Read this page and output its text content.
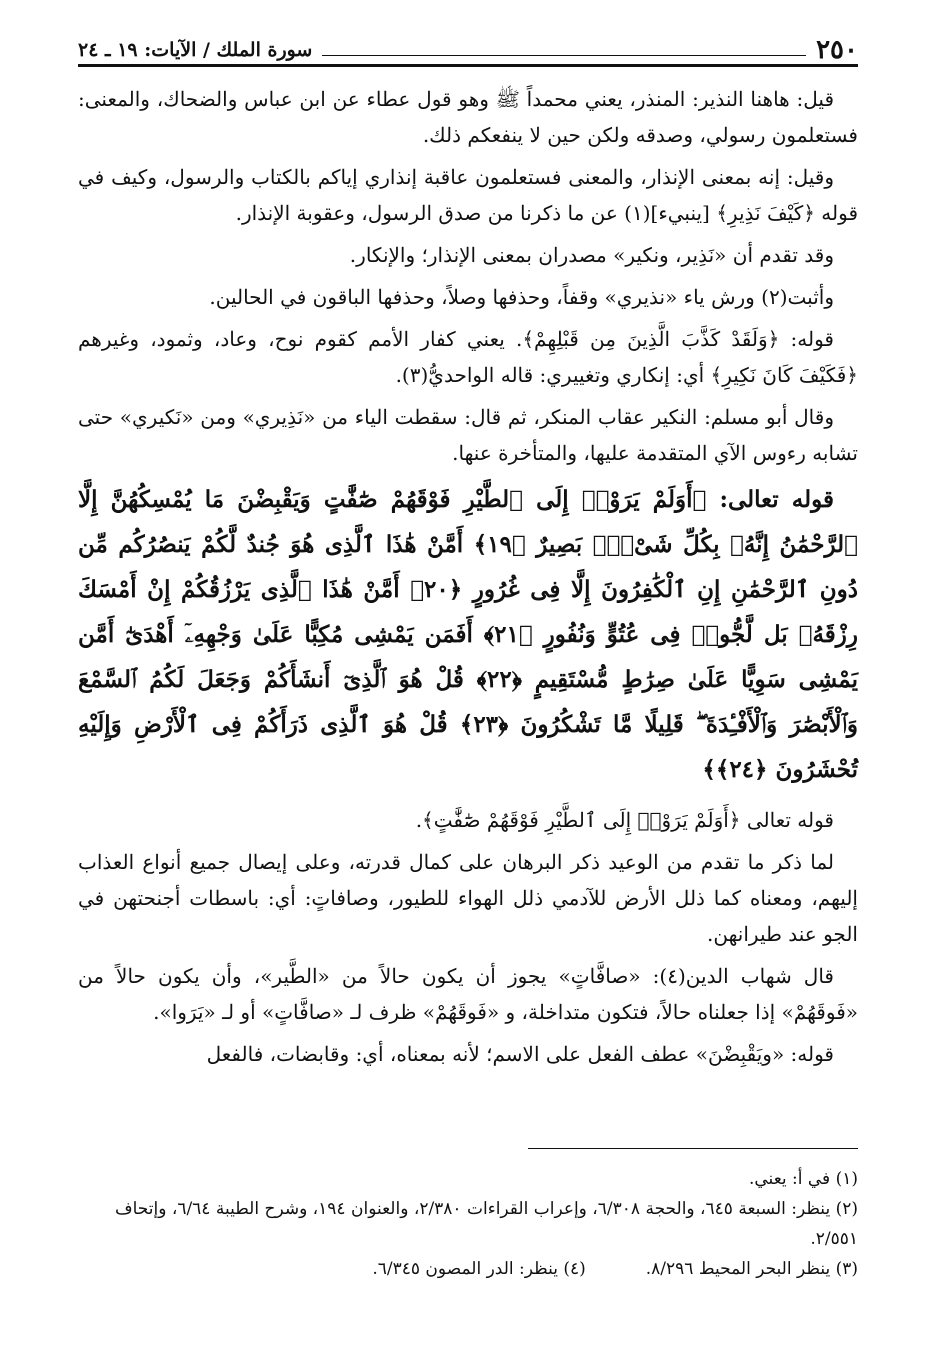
٢٥٠
سورة الملك / الآيات: ١٩ ـ ٢٤

قيل: هاهنا النذير: المنذر، يعني محمداً ﷺ وهو قول عطاء عن ابن عباس والضحاك، والمعنى: فستعلمون رسولي، وصدقه ولكن حين لا ينفعكم ذلك.

وقيل: إنه بمعنى الإنذار، والمعنى فستعلمون عاقبة إنذاري إياكم بالكتاب والرسول، وكيف في قوله ﴿كَيْفَ نَذِيرِ﴾ [ينبيء](١) عن ما ذكرنا من صدق الرسول، وعقوبة الإنذار.

وقد تقدم أن «نَذِير، ونكير» مصدران بمعنى الإنذار؛ والإنكار.

وأثبت(٢) ورش ياء «نذيري» وقفاً، وحذفها وصلاً، وحذفها الباقون في الحالين.

قوله: ﴿وَلَقَدْ كَذَّبَ الَّذِينَ مِن قَبْلِهِمْ﴾. يعني كفار الأمم كقوم نوح، وعاد، وثمود، وغيرهم ﴿فَكَيْفَ كَانَ نَكِيرِ﴾ أي: إنكاري وتغييري: قاله الواحديُّ(٣).

وقال أبو مسلم: النكير عقاب المنكر، ثم قال: سقطت الياء من «نَذِيري» ومن «نَكيري» حتى تشابه رءوس الآي المتقدمة عليها، والمتأخرة عنها.

قوله تعالى: ﴿أَوَلَمْ يَرَوْا۟ إِلَى ٱلطَّيْرِ فَوْقَهُمْ صَٰٓفَّٰتٍ وَيَقْبِضْنَ مَا يُمْسِكُهُنَّ إِلَّا ٱلرَّحْمَٰنُ إِنَّهُۥ بِكُلِّ شَىْءٍۭ بَصِيرٌ ﴿١٩﴾ أَمَّنْ هَٰذَا ٱلَّذِى هُوَ جُندٌ لَّكُمْ يَنصُرُكُم مِّن دُونِ ٱلرَّحْمَٰنِ إِنِ ٱلْكَٰفِرُونَ إِلَّا فِى غُرُورٍ ﴿٢٠﴾ أَمَّنْ هَٰذَا ٱلَّذِى يَرْزُقُكُمْ إِنْ أَمْسَكَ رِزْقَهُۥ بَل لَّجُّوا۟ فِى عُتُوٍّ وَنُفُورٍ ﴿٢١﴾ أَفَمَن يَمْشِى مُكِبًّا عَلَىٰ وَجْهِهِۦٓ أَهْدَىٰٓ أَمَّن يَمْشِى سَوِيًّا عَلَىٰ صِرَٰطٍ مُّسْتَقِيمٍ ﴿٢٢﴾ قُلْ هُوَ ٱلَّذِىٓ أَنشَأَكُمْ وَجَعَلَ لَكُمُ ٱلسَّمْعَ وَٱلْأَبْصَٰرَ وَٱلْأَفْـِٔدَةَ ۖ قَلِيلًا مَّا تَشْكُرُونَ ﴿٢٣﴾ قُلْ هُوَ ٱلَّذِى ذَرَأَكُمْ فِى ٱلْأَرْضِ وَإِلَيْهِ تُحْشَرُونَ ﴿٢٤﴾﴾

قوله تعالى ﴿أَوَلَمْ يَرَوْا۟ إِلَى ٱلطَّيْرِ فَوْقَهُمْ صَٰٓفَّٰتٍ﴾.

لما ذكر ما تقدم من الوعيد ذكر البرهان على كمال قدرته، وعلى إيصال جميع أنواع العذاب إليهم، ومعناه كما ذلل الأرض للآدمي ذلل الهواء للطيور، وصافاتٍ: أي: باسطات أجنحتهن في الجو عند طيرانهن.

قال شهاب الدين(٤): «صافَّاتٍ» يجوز أن يكون حالاً من «الطَّير»، وأن يكون حالاً من «فَوقَهُمْ» إذا جعلناه حالاً، فتكون متداخلة، و «فَوقَهُمْ» ظرف لـ «صافَّاتٍ» أو لـ «يَرَوا».

قوله: «ويَقْبِضْنَ» عطف الفعل على الاسم؛ لأنه بمعناه، أي: وقابضات، فالفعل

(١) في أ: يعني.

(٢) ينظر: السبعة ٦٤٥، والحجة ٦/٣٠٨، وإعراب القراءات ٢/٣٨٠، والعنوان ١٩٤، وشرح الطيبة ٦/٦٤، وإتحاف ٢/٥٥١.

(٣) ينظر البحر المحيط ٨/٢٩٦.

(٤) ينظر: الدر المصون ٦/٣٤٥.
